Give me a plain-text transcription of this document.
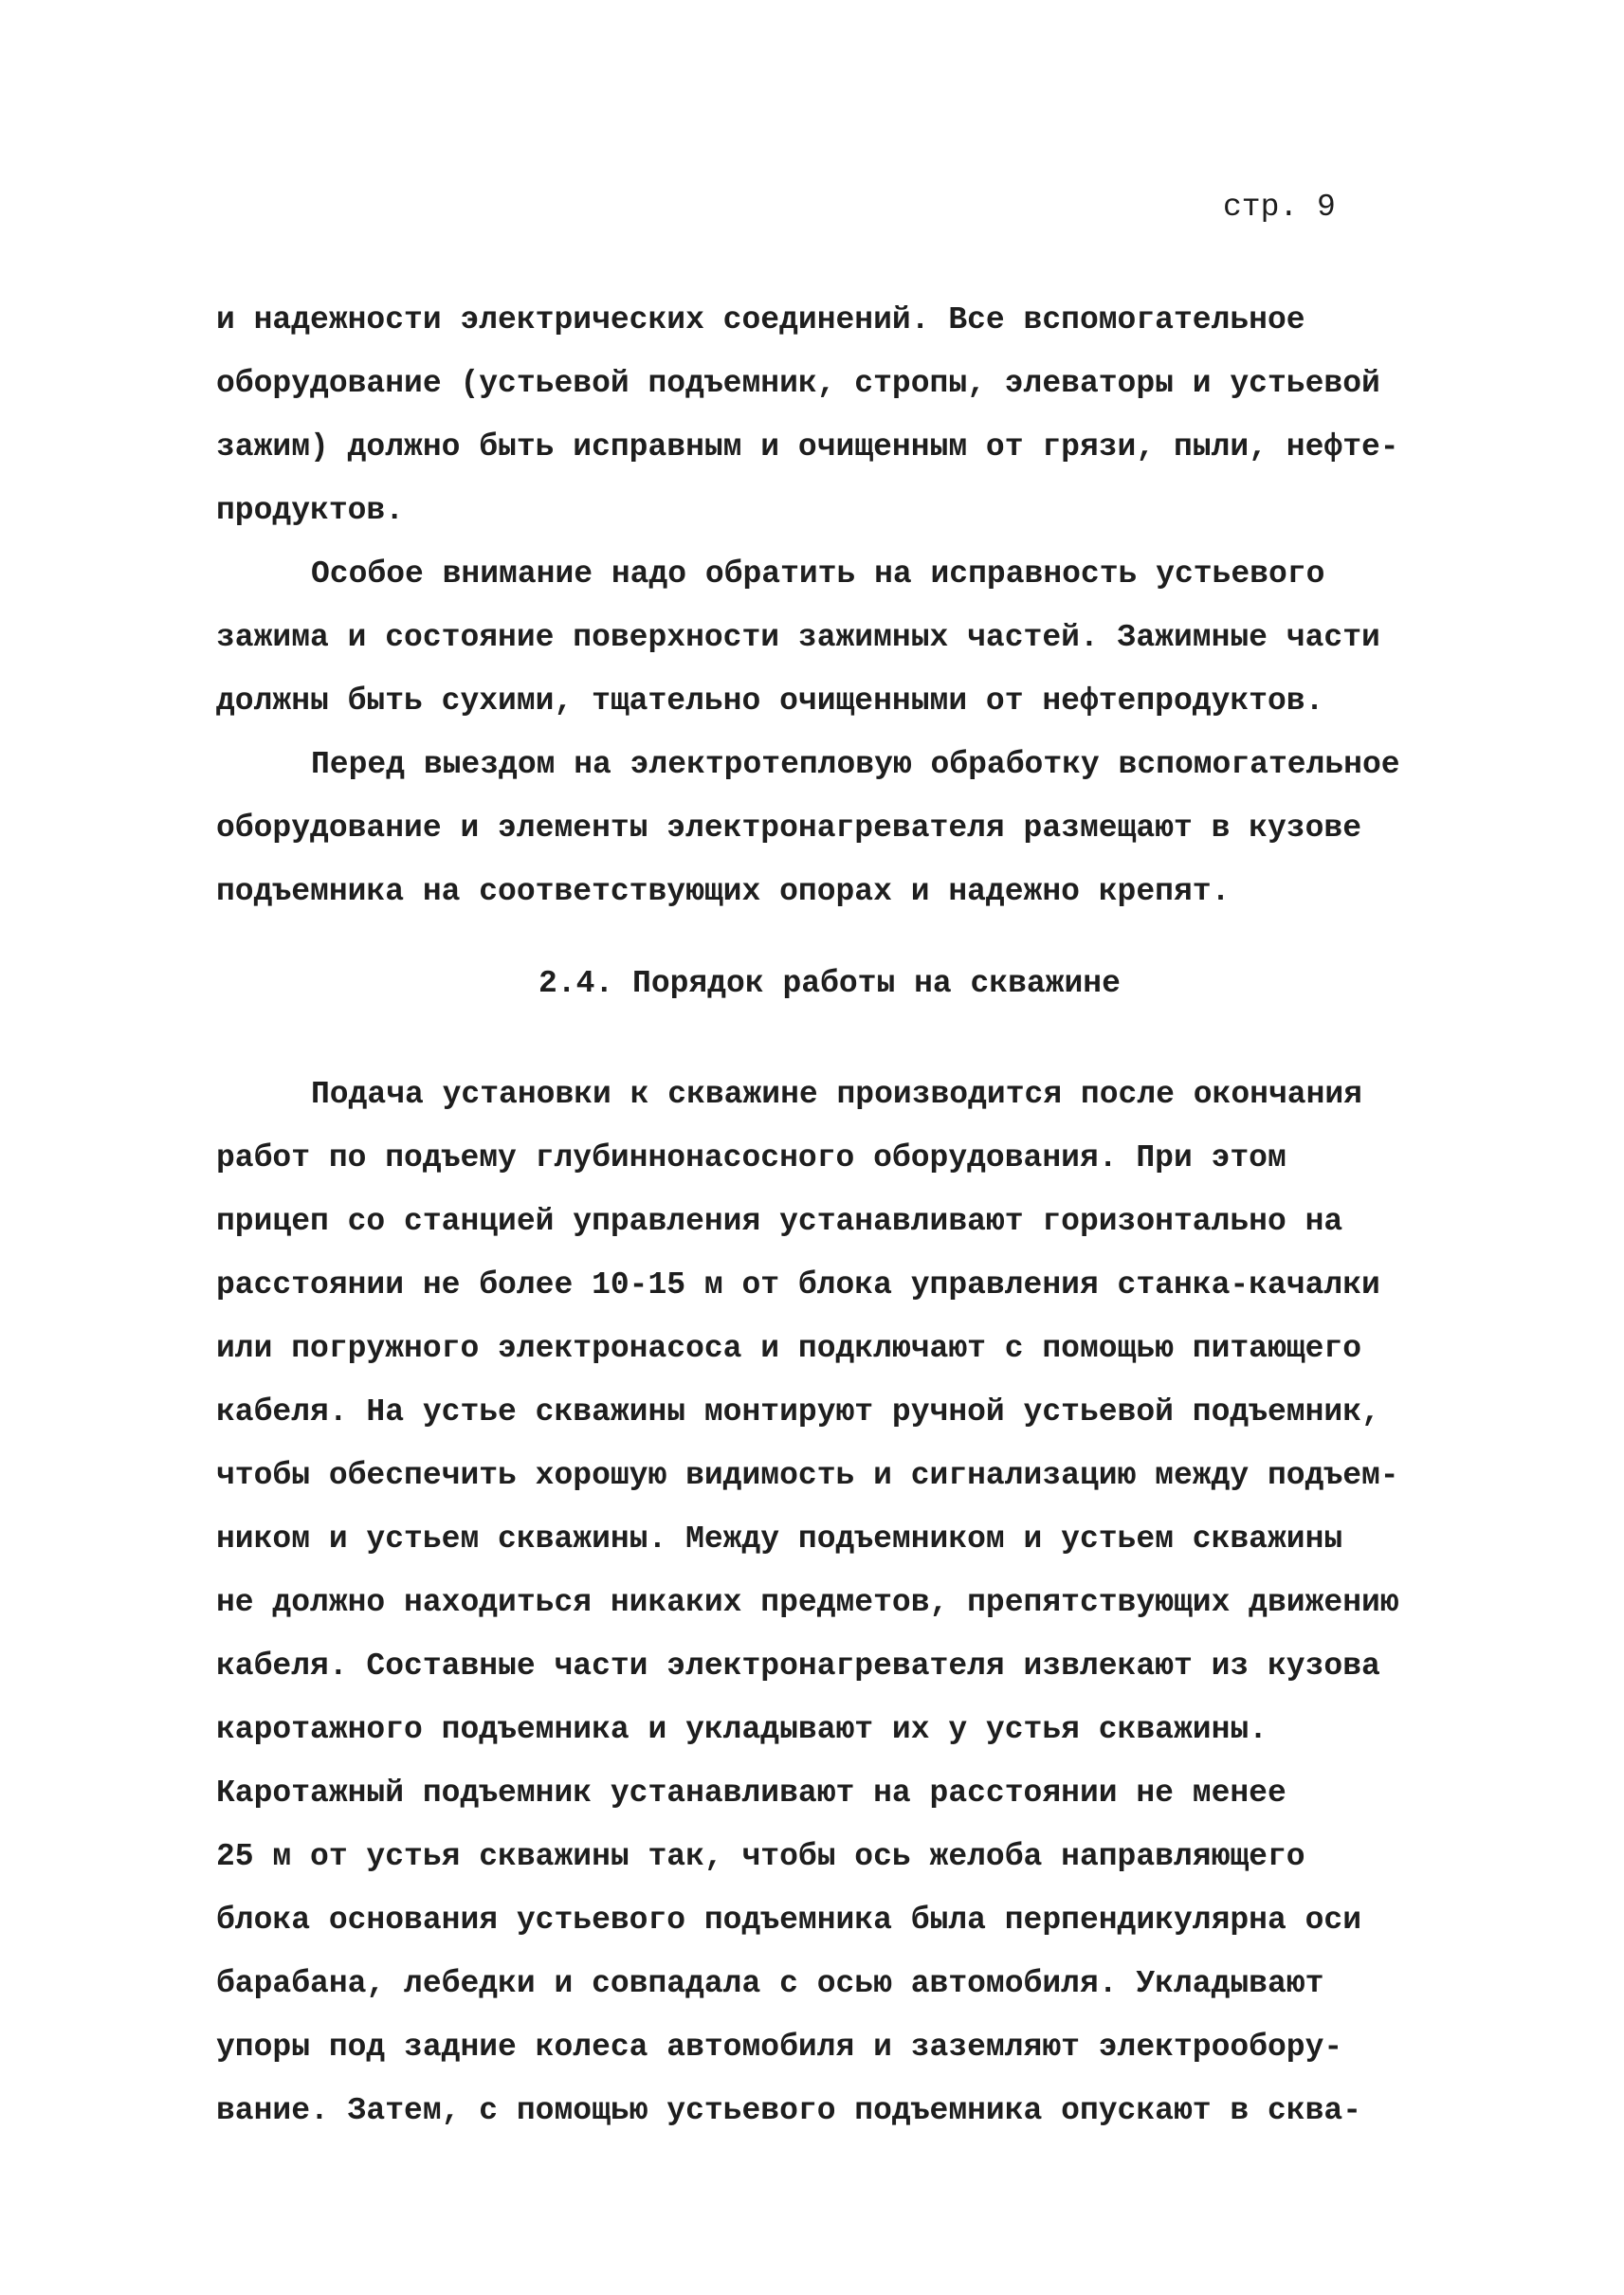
стр. 9
и надежности электрических соединений. Все вспомогательное
оборудование (устьевой подъемник, стропы, элеваторы и устьевой
зажим) должно быть исправным и очищенным от грязи, пыли, нефте-
продуктов.
Особое внимание надо обратить на исправность устьевого
зажима и состояние поверхности зажимных частей. Зажимные части
должны быть сухими, тщательно очищенными от нефтепродуктов.
Перед выездом на электротепловую обработку вспомогательное
оборудование и элементы электронагревателя размещают в кузове
подъемника на соответствующих опорах и надежно крепят.
2.4. Порядок работы на скважине
Подача установки к скважине производится после окончания
работ по подъему глубиннонасосного оборудования. При этом
прицеп со станцией управления устанавливают горизонтально на
расстоянии не более 10-15 м от блока управления станка-качалки
или погружного электронасоса и подключают с помощью питающего
кабеля. На устье скважины монтируют ручной устьевой подъемник,
чтобы обеспечить хорошую видимость и сигнализацию между подъем-
ником и устьем скважины. Между подъемником и устьем скважины
не должно находиться никаких предметов, препятствующих движению
кабеля. Составные части электронагревателя извлекают из кузова
каротажного подъемника и укладывают их у устья скважины.
Каротажный подъемник устанавливают на расстоянии не менее
25 м от устья скважины так, чтобы ось желоба направляющего
блока основания устьевого подъемника была перпендикулярна оси
барабана, лебедки и совпадала с осью автомобиля. Укладывают
упоры под задние колеса автомобиля и заземляют электрообору-
вание. Затем, с помощью устьевого подъемника опускают в сква-
